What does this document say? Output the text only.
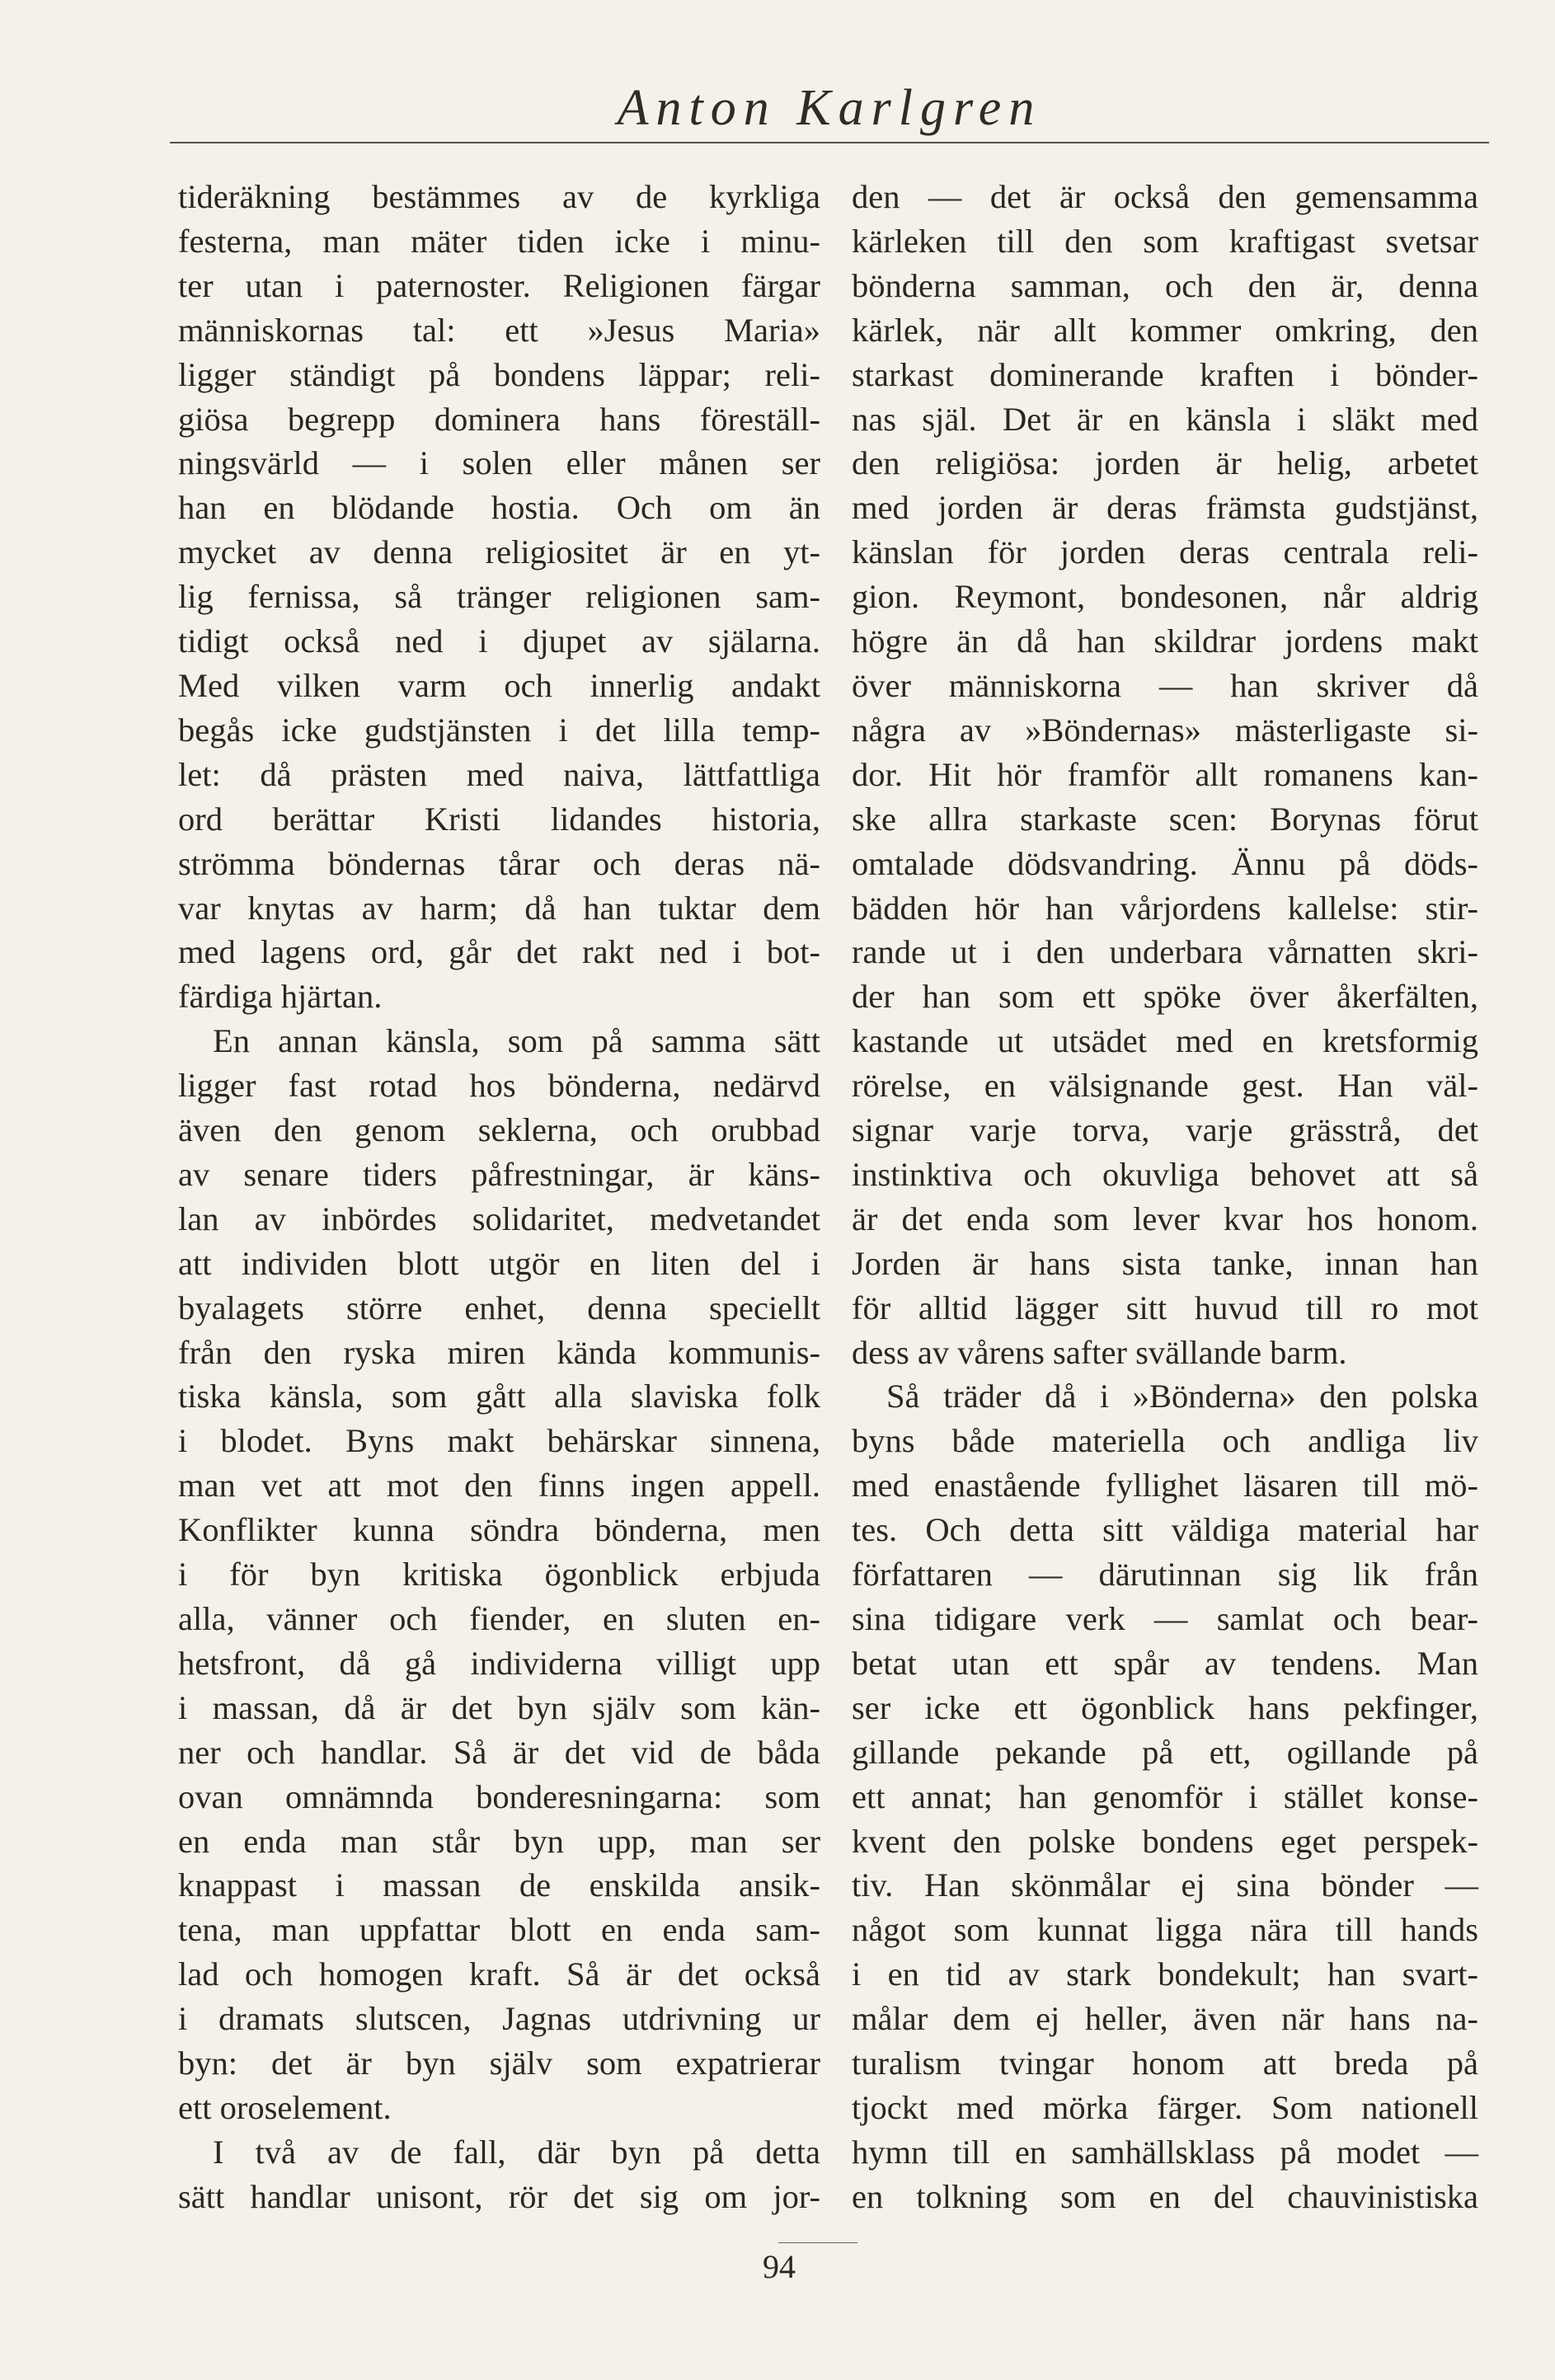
Anton Karlgren
tideräkning bestämmes av de kyrkliga
festerna, man mäter tiden icke i minu-
ter utan i paternoster. Religionen färgar
människornas tal: ett »Jesus Maria»
ligger ständigt på bondens läppar; reli-
giösa begrepp dominera hans föreställ-
ningsvärld — i solen eller månen ser
han en blödande hostia. Och om än
mycket av denna religiositet är en yt-
lig fernissa, så tränger religionen sam-
tidigt också ned i djupet av själarna.
Med vilken varm och innerlig andakt
begås icke gudstjänsten i det lilla temp-
let: då prästen med naiva, lättfattliga
ord berättar Kristi lidandes historia,
strömma böndernas tårar och deras nä-
var knytas av harm; då han tuktar dem
med lagens ord, går det rakt ned i bot-
färdiga hjärtan.
En annan känsla, som på samma sätt
ligger fast rotad hos bönderna, nedärvd
även den genom seklerna, och orubbad
av senare tiders påfrestningar, är käns-
lan av inbördes solidaritet, medvetandet
att individen blott utgör en liten del i
byalagets större enhet, denna speciellt
från den ryska miren kända kommunis-
tiska känsla, som gått alla slaviska folk
i blodet. Byns makt behärskar sinnena,
man vet att mot den finns ingen appell.
Konflikter kunna söndra bönderna, men
i för byn kritiska ögonblick erbjuda
alla, vänner och fiender, en sluten en-
hetsfront, då gå individerna villigt upp
i massan, då är det byn själv som kän-
ner och handlar. Så är det vid de båda
ovan omnämnda bonderesningarna: som
en enda man står byn upp, man ser
knappast i massan de enskilda ansik-
tena, man uppfattar blott en enda sam-
lad och homogen kraft. Så är det också
i dramats slutscen, Jagnas utdrivning ur
byn: det är byn själv som expatrierar
ett oroselement.
I två av de fall, där byn på detta
sätt handlar unisont, rör det sig om jor-
den — det är också den gemensamma
kärleken till den som kraftigast svetsar
bönderna samman, och den är, denna
kärlek, när allt kommer omkring, den
starkast dominerande kraften i bönder-
nas själ. Det är en känsla i släkt med
den religiösa: jorden är helig, arbetet
med jorden är deras främsta gudstjänst,
känslan för jorden deras centrala reli-
gion. Reymont, bondesonen, når aldrig
högre än då han skildrar jordens makt
över människorna — han skriver då
några av »Böndernas» mästerligaste si-
dor. Hit hör framför allt romanens kan-
ske allra starkaste scen: Borynas förut
omtalade dödsvandring. Ännu på döds-
bädden hör han vårjordens kallelse: stir-
rande ut i den underbara vårnatten skri-
der han som ett spöke över åkerfälten,
kastande ut utsädet med en kretsformig
rörelse, en välsignande gest. Han väl-
signar varje torva, varje grässtrå, det
instinktiva och okuvliga behovet att så
är det enda som lever kvar hos honom.
Jorden är hans sista tanke, innan han
för alltid lägger sitt huvud till ro mot
dess av vårens safter svällande barm.
Så träder då i »Bönderna» den polska
byns både materiella och andliga liv
med enastående fyllighet läsaren till mö-
tes. Och detta sitt väldiga material har
författaren — därutinnan sig lik från
sina tidigare verk — samlat och bear-
betat utan ett spår av tendens. Man
ser icke ett ögonblick hans pekfinger,
gillande pekande på ett, ogillande på
ett annat; han genomför i stället konse-
kvent den polske bondens eget perspek-
tiv. Han skönmålar ej sina bönder —
något som kunnat ligga nära till hands
i en tid av stark bondekult; han svart-
målar dem ej heller, även när hans na-
turalism tvingar honom att breda på
tjockt med mörka färger. Som nationell
hymn till en samhällsklass på modet —
en tolkning som en del chauvinistiska
94
